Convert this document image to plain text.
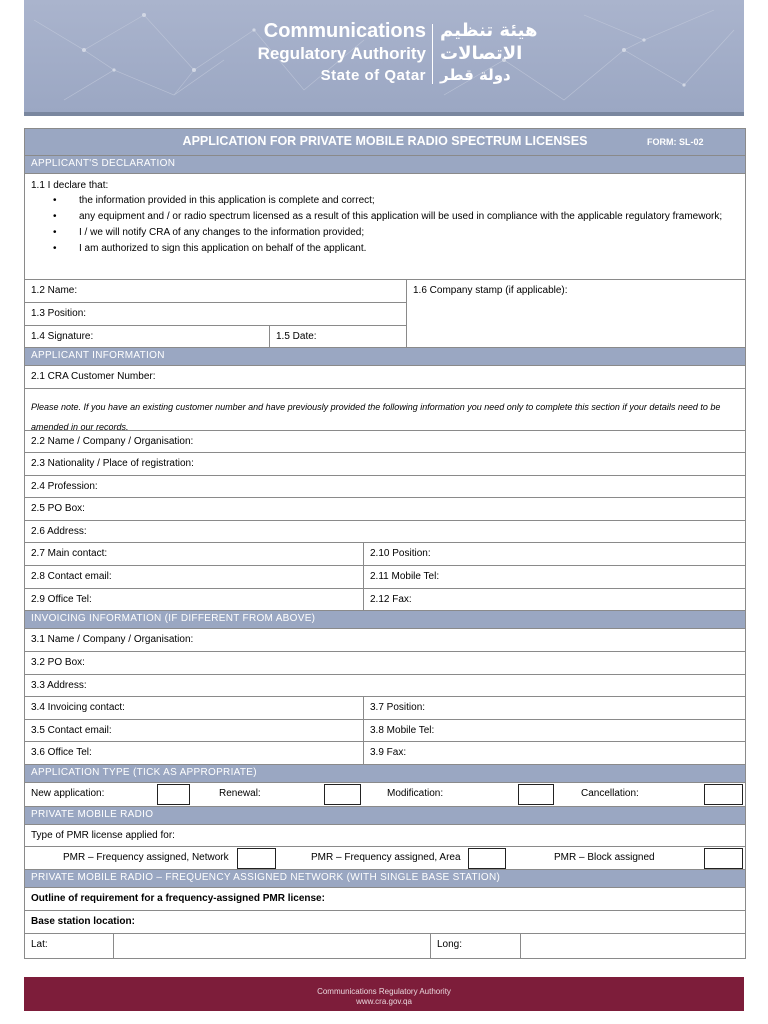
Communications
Regulatory Authority
State of Qatar
هيئة تنظيم
الاتصالات
دولة قطر
APPLICATION FOR PRIVATE MOBILE RADIO SPECTRUM LICENSES	FORM: SL-02
APPLICANT'S DECLARATION
1.1 I declare that:
• the information provided in this application is complete and correct;
• any equipment and / or radio spectrum licensed as a result of this application will be used in compliance with the applicable regulatory framework;
• I / we will notify CRA of any changes to the information provided;
• I am authorized to sign this application on behalf of the applicant.
1.2 Name:
1.3 Position:
1.4 Signature:	1.5 Date:
1.6 Company stamp (if applicable):
APPLICANT INFORMATION
2.1 CRA Customer Number:
Please note. If you have an existing customer number and have previously provided the following information you need only to complete this section if your details need to be amended in our records.
2.2 Name / Company / Organisation:
2.3 Nationality / Place of registration:
2.4 Profession:
2.5 PO Box:
2.6 Address:
2.7 Main contact:	2.10 Position:
2.8 Contact email:	2.11 Mobile Tel:
2.9 Office Tel:	2.12 Fax:
INVOICING INFORMATION (IF DIFFERENT FROM ABOVE)
3.1 Name / Company / Organisation:
3.2 PO Box:
3.3 Address:
3.4 Invoicing contact:	3.7 Position:
3.5 Contact email:	3.8 Mobile Tel:
3.6 Office Tel:	3.9 Fax:
APPLICATION TYPE (TICK AS APPROPRIATE)
New application:	Renewal:	Modification:	Cancellation:
PRIVATE MOBILE RADIO
Type of PMR license applied for:
PMR – Frequency assigned, Network	PMR – Frequency assigned, Area	PMR – Block assigned
PRIVATE MOBILE RADIO – FREQUENCY ASSIGNED NETWORK (WITH SINGLE BASE STATION)
Outline of requirement for a frequency-assigned PMR license:
Base station location:
Lat:	Long:
Communications Regulatory Authority
www.cra.gov.qa
